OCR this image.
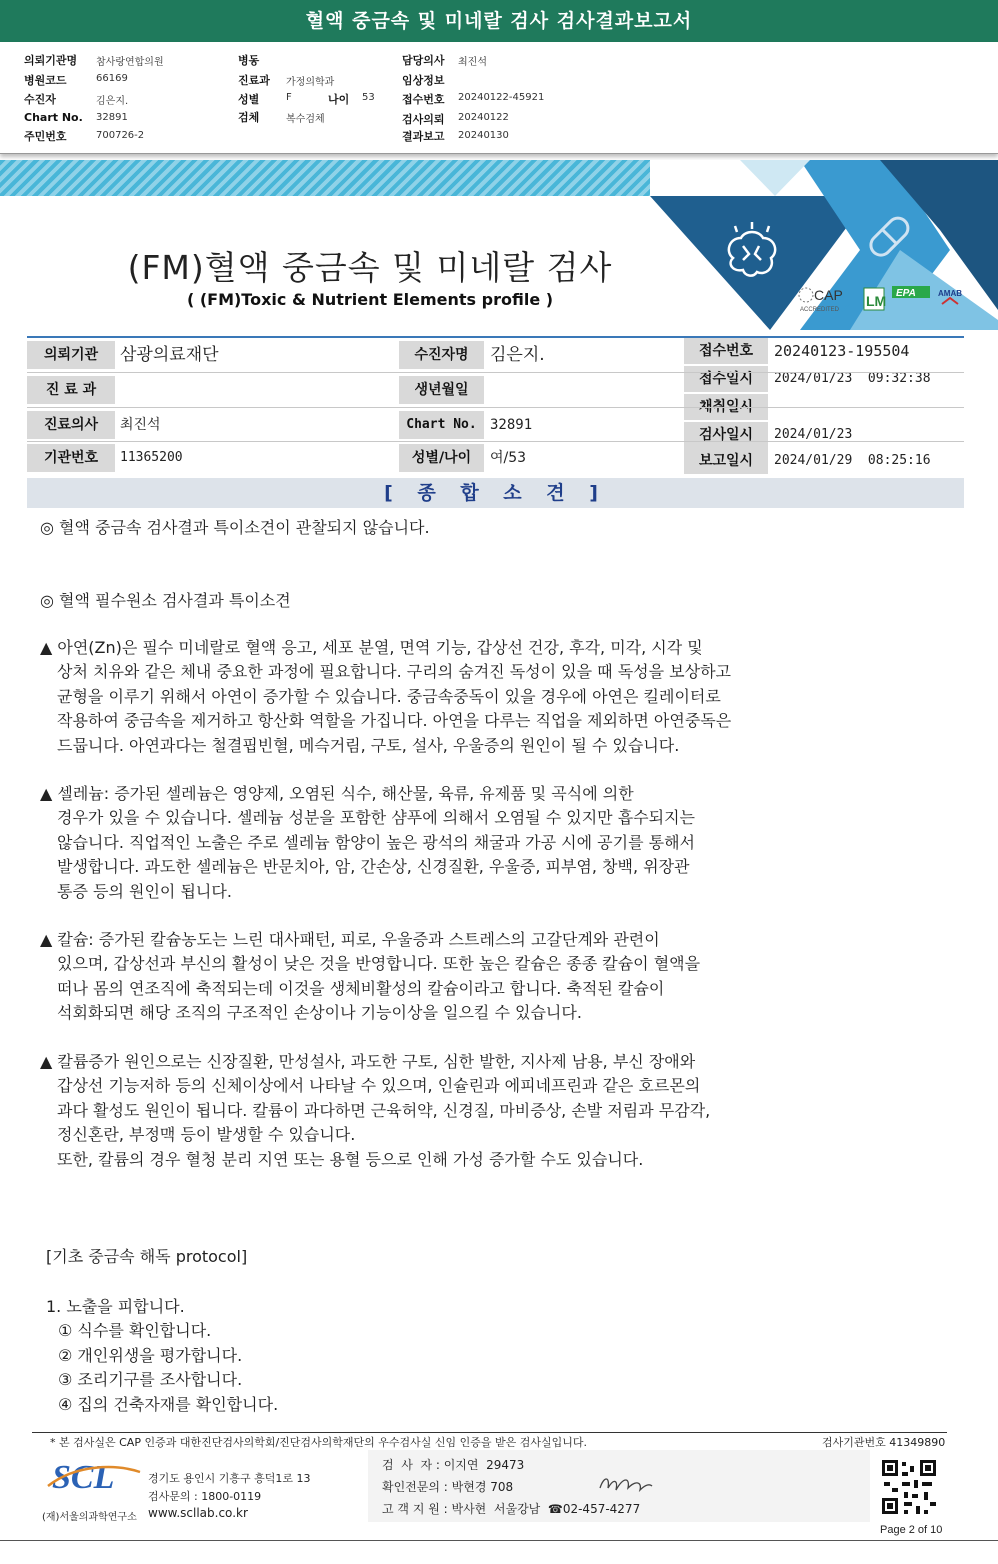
혈액 중금속 및 미네랄 검사 검사결과보고서
의뢰기관명 참사랑연합의원
병원코드	66169
수진자	김은지.
Chart No. 32891
주민번호	700726-2
병동
진료과 가정의학과
성별	F	나이 53
검체	복수검체
담당의사 최진석
임상정보
접수번호 20240122-45921
검사의뢰 20240122
결과보고 20240130
CAP
ACCREDITED
LM EPA	AMAB
(FM)혈액 중금속 및 미네랄 검사
( (FM)Toxic & Nutrient Elements profile )
의뢰기관	삼광의료재단
진 료 과
진료의사	최진석
기관번호	11365200
수진자명	김은지.
생년월일
Chart No. 32891
성별/나이	여/53
접수번호	20240123-195504
접수일시	2024/01/23  09:32:38
채취일시
검사일시	2024/01/23
보고일시	2024/01/29  08:25:16
[ 종 합 소 견 ]
◎ 혈액 중금속 검사결과 특이소견이 관찰되지 않습니다.
◎ 혈액 필수원소 검사결과 특이소견
▲ 아연(Zn)은 필수 미네랄로 혈액 응고, 세포 분열, 면역 기능, 갑상선 건강, 후각, 미각, 시각 및
상처 치유와 같은 체내 중요한 과정에 필요합니다. 구리의 숨겨진 독성이 있을 때 독성을 보상하고
균형을 이루기 위해서 아연이 증가할 수 있습니다. 중금속중독이 있을 경우에 아연은 킬레이터로
작용하여 중금속을 제거하고 항산화 역할을 가집니다. 아연을 다루는 직업을 제외하면 아연중독은
드뭅니다. 아연과다는 철결핍빈혈, 메슥거림, 구토, 설사, 우울증의 원인이 될 수 있습니다.
▲ 셀레늄: 증가된 셀레늄은 영양제, 오염된 식수, 해산물, 육류, 유제품 및 곡식에 의한
경우가 있을 수 있습니다. 셀레늄 성분을 포함한 샴푸에 의해서 오염될 수 있지만 흡수되지는
않습니다. 직업적인 노출은 주로 셀레늄 함양이 높은 광석의 채굴과 가공 시에 공기를 통해서
발생합니다. 과도한 셀레늄은 반문치아, 암, 간손상, 신경질환, 우울증, 피부염, 창백, 위장관
통증 등의 원인이 됩니다.
▲ 칼슘: 증가된 칼슘농도는 느린 대사패턴, 피로, 우울증과 스트레스의 고갈단계와 관련이
있으며, 갑상선과 부신의 활성이 낮은 것을 반영합니다. 또한 높은 칼슘은 종종 칼슘이 혈액을
떠나 몸의 연조직에 축적되는데 이것을 생체비활성의 칼슘이라고 합니다. 축적된 칼슘이
석회화되면 해당 조직의 구조적인 손상이나 기능이상을 일으킬 수 있습니다.
▲ 칼륨증가 원인으로는 신장질환, 만성설사, 과도한 구토, 심한 발한, 지사제 남용, 부신 장애와
갑상선 기능저하 등의 신체이상에서 나타날 수 있으며, 인슐린과 에피네프린과 같은 호르몬의
과다 활성도 원인이 됩니다. 칼륨이 과다하면 근육허약, 신경질, 마비증상, 손발 저림과 무감각,
정신혼란, 부정맥 등이 발생할 수 있습니다.
또한, 칼륨의 경우 혈청 분리 지연 또는 용혈 등으로 인해 가성 증가할 수도 있습니다.
[기초 중금속 해독 protocol]
1. 노출을 피합니다.
① 식수를 확인합니다.
② 개인위생을 평가합니다.
③ 조리기구를 조사합니다.
④ 집의 건축자재를 확인합니다.
* 본 검사실은 CAP 인증과 대한진단검사의학회/진단검사의학재단의 우수검사실 신임 인증을 받은 검사실입니다.	검사기관번호 41349890
SCL
(재)서울의과학연구소
경기도 용인시 기흥구 흥덕1로 13
검사문의 : 1800-0119
www.scllab.co.kr
검  사  자 : 이지연  29473
확인전문의 : 박현경 708
고 객 지 원 : 박사현  서울강남  ☎02-457-4277
Page 2 of 10
